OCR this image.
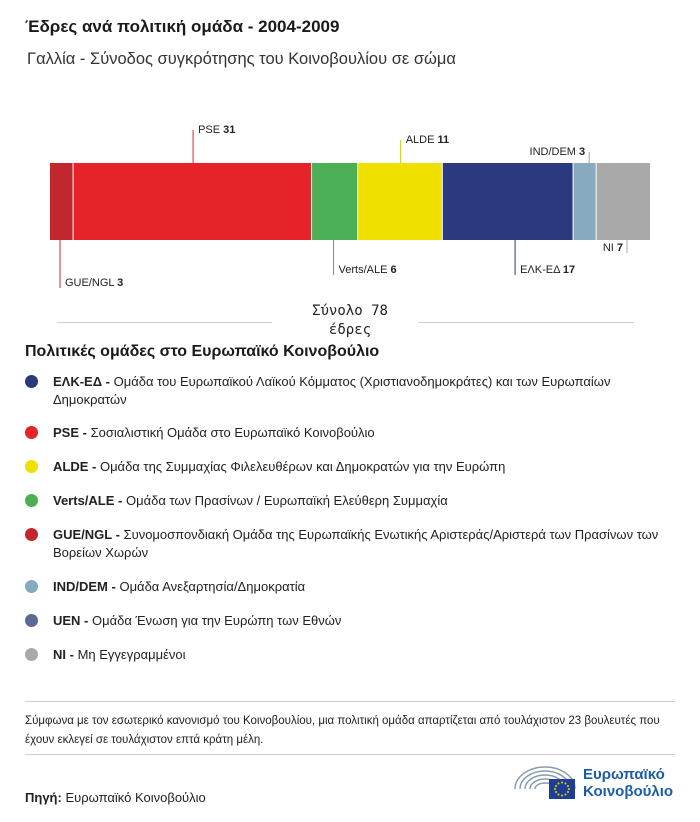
Έδρες ανά πολιτική ομάδα - 2004-2009
Γαλλία - Σύνοδος συγκρότησης του Κοινοβουλίου σε σώμα
GUE/NGL 3
PSE 31
Verts/ALE 6
ALDE 11
ΕΛΚ-ΕΔ 17
IND/DEM 3
NI 7
Σύνολο 78
έδρες
Πολιτικές ομάδες στο Ευρωπαϊκό Κοινοβούλιο
ΕΛΚ-ΕΔ - Ομάδα του Ευρωπαϊκού Λαϊκού Κόμματος (Χριστιανοδημοκράτες) και των Ευρωπαίων Δημοκρατών
PSE - Σοσιαλιστική Ομάδα στο Ευρωπαϊκό Κοινοβούλιο
ALDE - Ομάδα της Συμμαχίας Φιλελευθέρων και Δημοκρατών για την Ευρώπη
Verts/ALE - Ομάδα των Πρασίνων / Ευρωπαϊκή Ελεύθερη Συμμαχία
GUE/NGL - Συνομοσπονδιακή Ομάδα της Ευρωπαϊκής Ενωτικής Αριστεράς/Αριστερά των Πρασίνων των Βορείων Χωρών
IND/DEM - Ομάδα Ανεξαρτησία/Δημοκρατία
UEN - Ομάδα Ένωση για την Ευρώπη των Εθνών
NI - Μη Εγγεγραμμένοι
Σύμφωνα με τον εσωτερικό κανονισμό του Κοινοβουλίου, μια πολιτική ομάδα απαρτίζεται από τουλάχιστον 23 βουλευτές που έχουν εκλεγεί σε τουλάχιστον επτά κράτη μέλη.
Πηγή: Ευρωπαϊκό Κοινοβούλιο
Ευρωπαϊκό
Κοινοβούλιο
